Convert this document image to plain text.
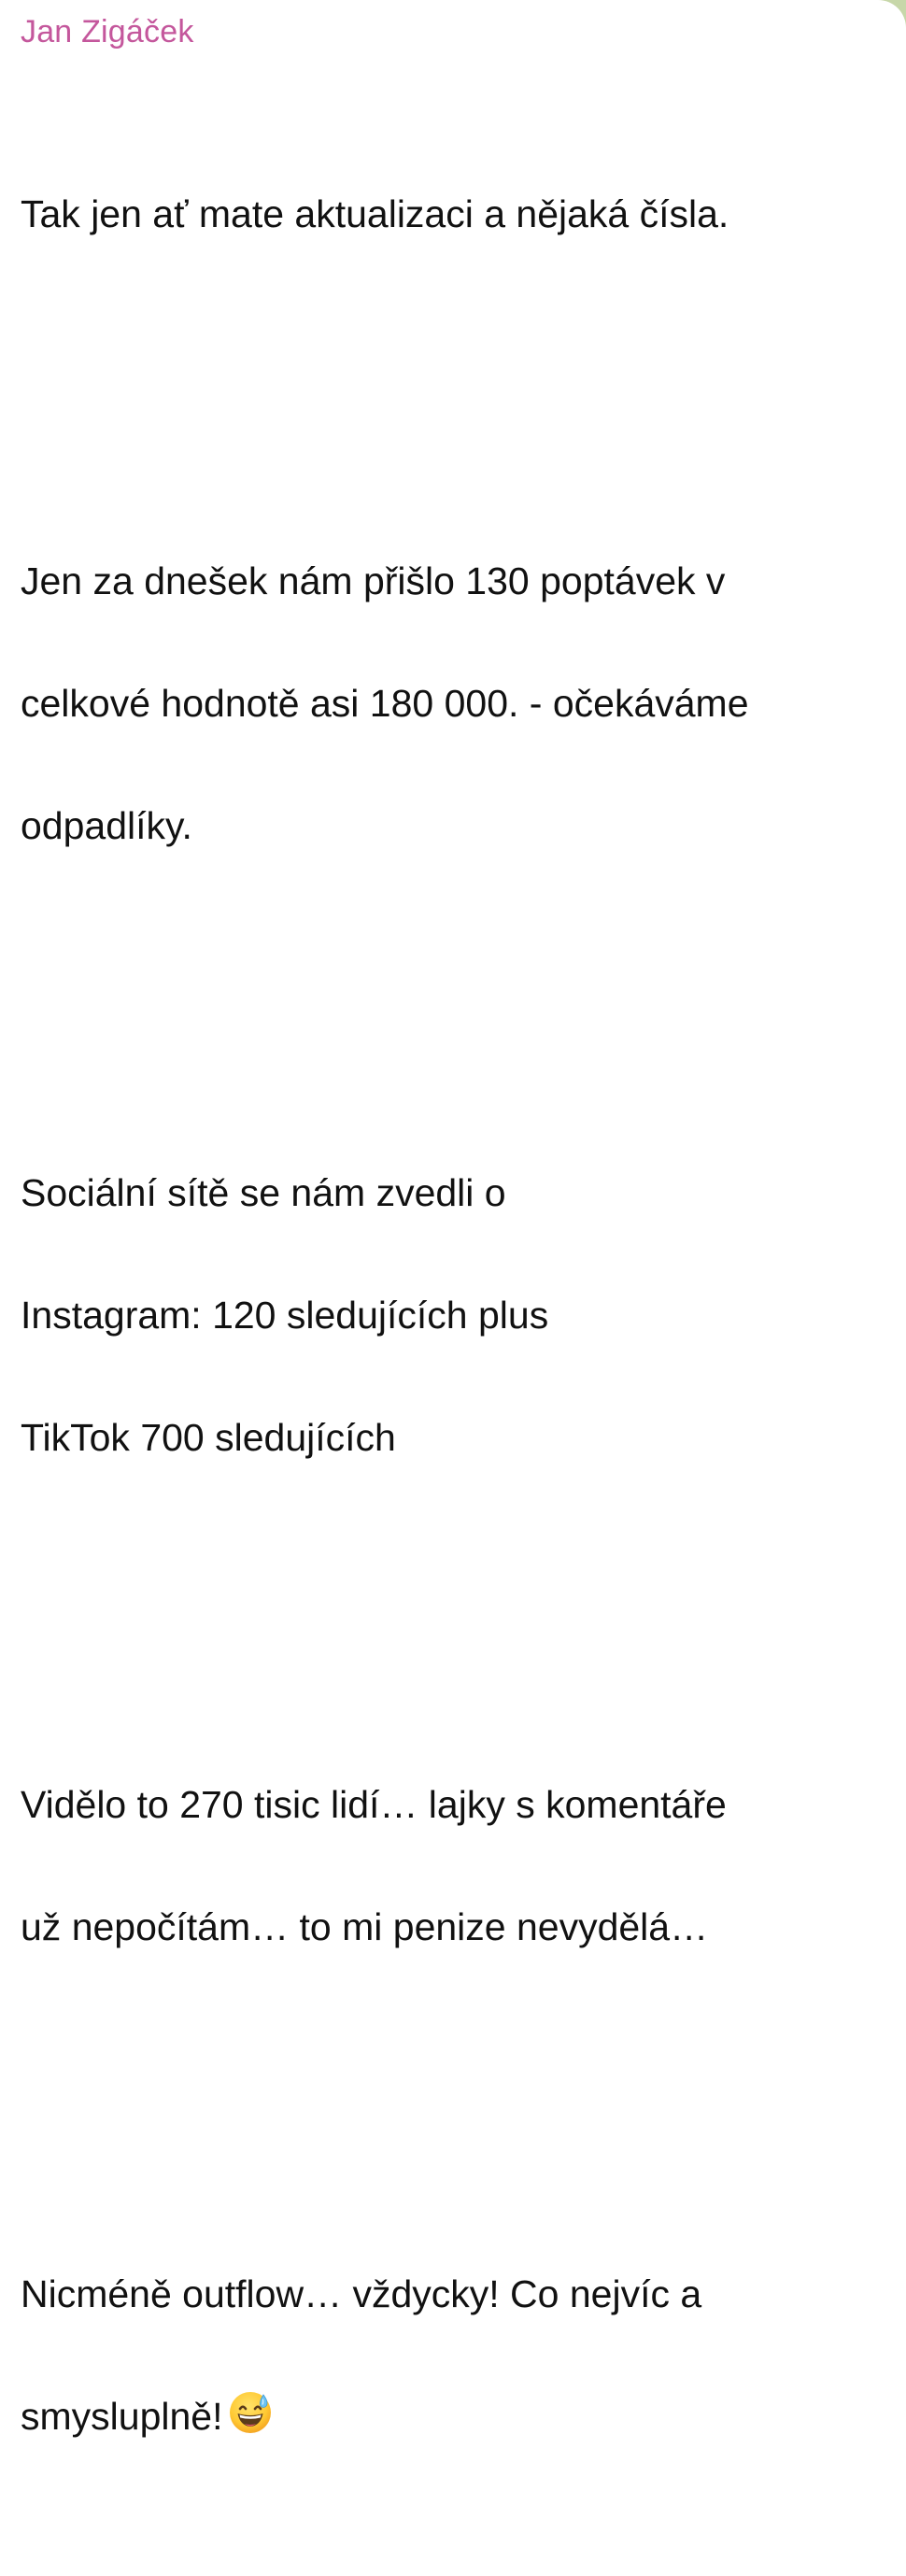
Jan Zigáček

Tak jen ať mate aktualizaci a nějaká čísla.

Jen za dnešek nám přišlo 130 poptávek v

celkové hodnotě asi 180 000. - očekáváme

odpadlíky.

Sociální sítě se nám zvedli o

Instagram: 120 sledujících plus

TikTok 700 sledujících

Vidělo to 270 tisic lidí… lajky s komentáře

už nepočítám… to mi penize nevydělá…

Nicméně outflow… vždycky! Co nejvíc a

smysluplně!
